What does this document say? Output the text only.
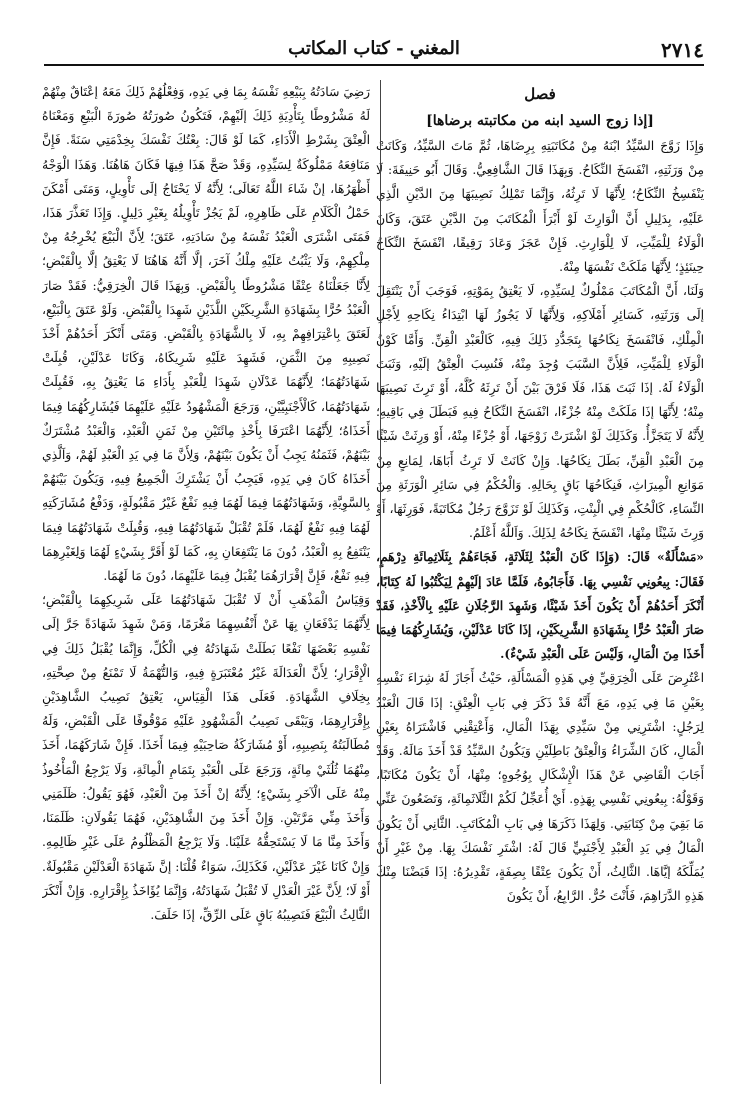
٢٧١٤
المغني - كتاب المكاتب

فصل

[إذا زوج السيد ابنه من مكاتبته برضاها]

وَإِذَا زَوَّجَ السَّيِّدُ ابْنَهُ مِنْ مُكَاتَبَتِهِ بِرِضَاهَا، ثُمَّ مَاتَ السَّيِّدُ، وَكَانَتْ مِنْ وَرَثَتِهِ، انْفَسَخَ النِّكَاحُ. وَبِهَذَا قَالَ الشَّافِعِيُّ. وَقَالَ أَبُو حَنِيفَةَ: لَا يَنْفَسِخُ النِّكَاحُ؛ لِأَنَّهَا لَا تَرِثُهُ، وَإِنَّمَا تَمْلِكُ نَصِيبَهَا مِنَ الدَّيْنِ الَّذِي عَلَيْهِ، بِدَلِيلِ أَنَّ الْوَارِثَ لَوْ أَبْرَأَ الْمُكَاتَبَ مِنَ الدَّيْنِ عَتَقَ، وَكَانَ الْوَلَاءُ لِلْمَيِّتِ، لَا لِلْوَارِثِ. فَإِنْ عَجَزَ وَعَادَ رَقِيقًا، انْفَسَخَ النِّكَاحُ حِينَئِذٍ؛ لِأَنَّهَا مَلَكَتْ نَفْسَهَا مِنْهُ.

وَلَنَا، أَنَّ الْمُكَاتَبَ مَمْلُوكٌ لِسَيِّدِهِ، لَا يَعْتِقُ بِمَوْتِهِ، فَوَجَبَ أَنْ يَنْتَقِلَ إلَى وَرَثَتِهِ، كَسَائِرِ أَمْلَاكِهِ، وَلِأَنَّهَا لَا يَجُوزُ لَهَا ابْتِدَاءُ نِكَاحِهِ لِأَجْلِ الْمِلْكِ، فَانْفَسَخَ نِكَاحُهَا بِتَجَدُّدِ ذَلِكَ فِيهِ، كَالْعَبْدِ الْقِنِّ. وَأَمَّا كَوْنُ الْوَلَاءِ لِلْمَيِّتِ، فَلِأَنَّ السَّبَبَ وُجِدَ مِنْهُ، فَنُسِبَ الْعِتْقُ إلَيْهِ، وَثَبَتَ الْوَلَاءُ لَهُ. إذَا ثَبَتَ هَذَا، فَلَا فَرْقَ بَيْنَ أَنْ تَرِثَهُ كُلَّهُ، أَوْ تَرِثَ نَصِيبَهَا مِنْهُ؛ لِأَنَّهَا إذَا مَلَكَتْ مِنْهُ جُزْءًا، انْفَسَخَ النِّكَاحُ فِيهِ فَبَطَلَ فِي بَاقِيهِ؛ لِأَنَّهُ لَا يَتَجَزَّأُ. وَكَذَلِكَ لَوْ اشْتَرَتْ زَوْجَهَا، أَوْ جُزْءًا مِنْهُ، أَوْ وَرِثَتْ شَيْئًا مِنَ الْعَبْدِ الْقِنِّ، بَطَلَ نِكَاحُهَا. وَإِنْ كَانَتْ لَا تَرِثُ أَبَاهَا، لِمَانِعٍ مِنْ مَوَانِعِ الْمِيرَاثِ، فَنِكَاحُهَا بَاقٍ بِحَالِهِ. وَالْحُكْمُ فِي سَائِرِ الْوَرَثَةِ مِنَ النِّسَاءِ، كَالْحُكْمِ فِي الْبِنْتِ، وَكَذَلِكَ لَوْ تَزَوَّجَ رَجُلٌ مُكَاتَبَةً، فَوَرِثَهَا، أَوْ وَرِثَ شَيْئًا مِنْهَا، انْفَسَخَ نِكَاحُهُ لِذَلِكَ. وَاَللَّهُ أَعْلَمُ.

«مَسْأَلَةٌ» قَالَ: (وَإِذَا كَانَ الْعَبْدُ لِثَلَاثَةٍ، فَجَاءَهُمْ بِثَلَاثِمِائَةِ دِرْهَمٍ، فَقَالَ: بِيعُونِي نَفْسِي بِهَا. فَأَجَابُوهُ، فَلَمَّا عَادَ إلَيْهِمْ لِيَكْتُبُوا لَهُ كِتَابًا، أَنْكَرَ أَحَدُهُمْ أَنْ يَكُونَ أَخَذَ شَيْئًا، وَشَهِدَ الرَّجُلَانِ عَلَيْهِ بِالْأَخْذِ، فَقَدْ صَارَ الْعَبْدُ حُرًّا بِشَهَادَةِ الشَّرِيكَيْنِ، إذَا كَانَا عَدْلَيْنِ، وَيُشَارِكُهُمَا فِيمَا أَخَذَا مِنَ الْمَالِ، وَلَيْسَ عَلَى الْعَبْدِ شَيْءٌ).

اعْتُرِضَ عَلَى الْخِرَقِيِّ فِي هَذِهِ الْمَسْأَلَةِ، حَيْثُ أَجَازَ لَهُ شِرَاءَ نَفْسِهِ بِعَيْنِ مَا فِي يَدِهِ، مَعَ أَنَّهُ قَدْ ذَكَرَ فِي بَابِ الْعِتْقِ: إذَا قَالَ الْعَبْدُ لِرَجُلٍ: اشْتَرِنِي مِنْ سَيِّدِي بِهَذَا الْمَالِ، وَأَعْتِقْنِي فَاشْتَرَاهُ بِعَيْنِ الْمَالِ، كَانَ الشِّرَاءُ وَالْعِتْقُ بَاطِلَيْنِ وَيَكُونُ السَّيِّدُ قَدْ أَخَذَ مَالَهُ. وَقَدْ أَجَابَ الْقَاضِي عَنْ هَذَا الْإِشْكَالِ بِوُجُوهٍ؛ مِنْهَا، أَنْ يَكُونَ مُكَاتَبًا، وَقَوْلُهُ: بِيعُونِي نَفْسِي بِهَذِهِ. أَيْ أُعَجِّلُ لَكُمْ الثَّلَاثَمِائَةِ، وَتَضَعُونَ عَنِّي مَا بَقِيَ مِنْ كِتَابَتِي. وَلِهَذَا ذَكَرَهَا فِي بَابِ الْمُكَاتَبِ. الثَّانِي أَنْ يَكُونَ الْمَالُ فِي يَدِ الْعَبْدِ لِأَجْنَبِيٍّ قَالَ لَهُ: اشْتَرِ نَفْسَكَ بِهَا. مِنْ غَيْرِ أَنْ يُمَلِّكَهُ إيَّاهَا. الثَّالِثُ، أَنْ يَكُونَ عِتْقًا بِصِفَةٍ، تَقْدِيرُهُ: إذَا قَبَضْنَا مِنْكَ هَذِهِ الدَّرَاهِمَ، فَأَنْتَ حُرٌّ. الرَّابِعُ، أَنْ يَكُونَ

رَضِيَ سَادَتُهُ بِبَيْعِهِ نَفْسَهُ بِمَا فِي يَدِهِ، وَفِعْلُهُمْ ذَلِكَ مَعَهُ إعْتَاقٌ مِنْهُمْ لَهُ مَشْرُوطًا بِتَأْدِيَةِ ذَلِكَ إلَيْهِمْ، فَتَكُونُ صُورَتُهُ صُورَةَ الْبَيْعِ وَمَعْنَاهُ الْعِتْقَ بِشَرْطِ الْأَدَاءِ، كَمَا لَوْ قَالَ: بِعْتُكَ نَفْسَكَ بِخِدْمَتِي سَنَةً. فَإِنَّ مَنَافِعَهُ مَمْلُوكَةٌ لِسَيِّدِهِ، وَقَدْ صَحَّ هَذَا فِيهَا فَكَانَ هَاهُنَا. وَهَذَا الْوَجْهُ أَظْهَرُهَا، إنْ شَاءَ اللَّهُ تَعَالَى؛ لِأَنَّهُ لَا يَحْتَاجُ إلَى تَأْوِيلٍ، وَمَتَى أَمْكَنَ حَمْلُ الْكَلَامِ عَلَى ظَاهِرِهِ، لَمْ يَجُزْ تَأْوِيلُهُ بِغَيْرِ دَلِيلٍ. وَإِذَا تَعَذَّرَ هَذَا، فَمَتَى اشْتَرَى الْعَبْدُ نَفْسَهُ مِنْ سَادَتِهِ، عَتَقَ؛ لِأَنَّ الْبَيْعَ يُخْرِجُهُ مِنْ مِلْكِهِمْ، وَلَا يَثْبُتُ عَلَيْهِ مِلْكُ آخَرَ، إلَّا أَنَّهُ هَاهُنَا لَا يَعْتِقُ إلَّا بِالْقَبْضِ؛ لِأَنَّا جَعَلْنَاهُ عِتْقًا مَشْرُوطًا بِالْقَبْضِ. وَبِهَذَا قَالَ الْخِرَقِيُّ: فَقَدْ صَارَ الْعَبْدُ حُرًّا بِشَهَادَةِ الشَّرِيكَيْنِ اللَّذَيْنِ شَهِدَا بِالْقَبْضِ. وَلَوْ عَتَقَ بِالْبَيْعِ، لَعَتَقَ بِاعْتِرَافِهِمْ بِهِ، لَا بِالشَّهَادَةِ بِالْقَبْضِ. وَمَتَى أَنْكَرَ أَحَدُهُمْ أَخْذَ نَصِيبِهِ مِنَ الثَّمَنِ، فَشَهِدَ عَلَيْهِ شَرِيكَاهُ، وَكَانَا عَدْلَيْنِ، قُبِلَتْ شَهَادَتُهُمَا؛ لِأَنَّهُمَا عَدْلَانِ شَهِدَا لِلْعَبْدِ بِأَدَاءِ مَا يَعْتِقُ بِهِ، فَقُبِلَتْ شَهَادَتُهُمَا، كَالْأَجْنَبِيَّيْنِ، وَرَجَعَ الْمَشْهُودُ عَلَيْهِ عَلَيْهِمَا فَيُشَارِكُهُمَا فِيمَا أَخَذَاهُ؛ لِأَنَّهُمَا اعْتَرَفَا بِأَخْذِ مِائَتَيْنِ مِنْ ثَمَنِ الْعَبْدِ، وَالْعَبْدُ مُشْتَرَكٌ بَيْنَهُمْ، فَثَمَنُهُ يَجِبُ أَنْ يَكُونَ بَيْنَهُمْ، وَلِأَنَّ مَا فِي يَدِ الْعَبْدِ لَهُمْ، وَاَلَّذِي أَخَذَاهُ كَانَ فِي يَدِهِ، فَيَجِبُ أَنْ يَشْتَرِكَ الْجَمِيعُ فِيهِ، وَيَكُونَ بَيْنَهُمْ بِالسَّوِيَّةِ، وَشَهَادَتُهُمَا فِيمَا لَهُمَا فِيهِ نَفْعٌ غَيْرُ مَقْبُولَةٍ، وَدَفْعُ مُشَارَكَتِهِ لَهُمَا فِيهِ نَفْعٌ لَهُمَا، فَلَمْ تُقْبَلْ شَهَادَتُهُمَا فِيهِ، وَقُبِلَتْ شَهَادَتُهُمَا فِيمَا يَنْتَفِعُ بِهِ الْعَبْدُ، دُونَ مَا يَنْتَفِعَانِ بِهِ، كَمَا لَوْ أَقَرَّ بِشَيْءٍ لَهُمَا وَلِغَيْرِهِمَا فِيهِ نَفْعٌ، فَإِنَّ إقْرَارَهُمَا يُقْبَلُ فِيمَا عَلَيْهِمَا، دُونَ مَا لَهُمَا.

وَقِيَاسُ الْمَذْهَبِ أَنْ لَا تُقْبَلَ شَهَادَتُهُمَا عَلَى شَرِيكِهِمَا بِالْقَبْضِ؛ لِأَنَّهُمَا يَدْفَعَانِ بِهَا عَنْ أَنْفُسِهِمَا مَغْرَمًا، وَمَنْ شَهِدَ شَهَادَةً جَرَّ إلَى نَفْسِهِ بَعْضَهَا نَفْعًا بَطَلَتْ شَهَادَتُهُ فِي الْكُلِّ، وَإِنَّمَا يُقْبَلُ ذَلِكَ فِي الْإِقْرَارِ؛ لِأَنَّ الْعَدَالَةَ غَيْرُ مُعْتَبَرَةٍ فِيهِ، وَالتُّهْمَةُ لَا تَمْنَعُ مِنْ صِحَّتِهِ، بِخِلَافِ الشَّهَادَةِ. فَعَلَى هَذَا الْقِيَاسِ، يَعْتِقُ نَصِيبُ الشَّاهِدَيْنِ بِإِقْرَارِهِمَا، وَيَبْقَى نَصِيبُ الْمَشْهُودِ عَلَيْهِ مَوْقُوفًا عَلَى الْقَبْضِ، وَلَهُ مُطَالَبَتُهُ بِنَصِيبِهِ، أَوْ مُشَارَكَةُ صَاحِبَيْهِ فِيمَا أَخَذَا. فَإِنْ شَارَكَهُمَا، أَخَذَ مِنْهُمَا ثُلُثَيْ مِائَةٍ، وَرَجَعَ عَلَى الْعَبْدِ بِتَمَامِ الْمِائَةِ، وَلَا يَرْجِعُ الْمَأْخُوذُ مِنْهُ عَلَى الْآخَرِ بِشَيْءٍ؛ لِأَنَّهُ إنْ أَخَذَ مِنَ الْعَبْدِ، فَهُوَ يَقُولُ: ظَلَمَنِي وَأَخَذَ مِنِّي مَرَّتَيْنِ. وَإِنْ أَخَذَ مِنَ الشَّاهِدَيْنِ، فَهُمَا يَقُولَانِ: ظَلَمَنَا، وَأَخَذَ مِنَّا مَا لَا يَسْتَحِقُّهُ عَلَيْنَا. وَلَا يَرْجِعُ الْمَظْلُومُ عَلَى غَيْرِ ظَالِمِهِ. وَإِنْ كَانَا غَيْرَ عَدْلَيْنِ، فَكَذَلِكَ، سَوَاءٌ قُلْنَا: إنَّ شَهَادَةَ الْعَدْلَيْنِ مَقْبُولَةٌ. أَوْ لَا؛ لِأَنَّ غَيْرَ الْعَدْلِ لَا تُقْبَلُ شَهَادَتُهُ، وَإِنَّمَا يُؤَاخَذُ بِإِقْرَارِهِ. وَإِنْ أَنْكَرَ الثَّالِثُ الْبَيْعَ فَنَصِيبُهُ بَاقٍ عَلَى الرِّقِّ، إذَا حَلَفَ.
